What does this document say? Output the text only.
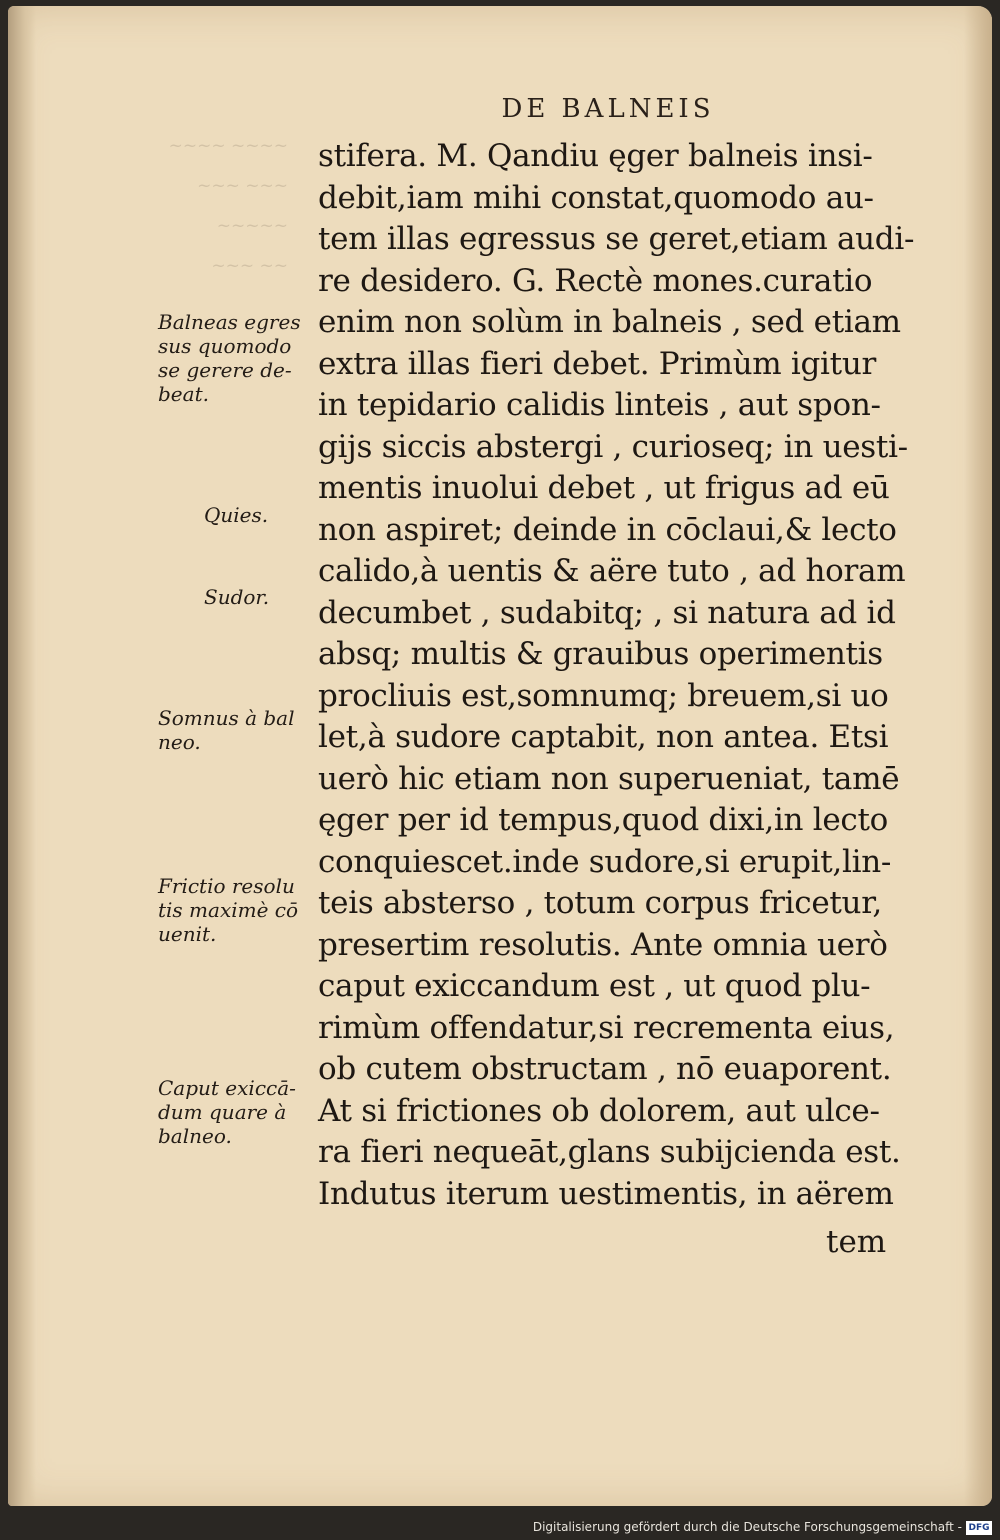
~~~~ ~~~~
~~~ ~~~
~~~~~
~~~ ~~
DE BALNEIS
stifera. M. Qandiu ęger balneis insi-
debit,iam mihi constat,quomodo au-
tem illas egressus se geret,etiam audi-
re desidero. G. Rectè mones.curatio
enim non solùm in balneis , sed etiam
extra illas fieri debet. Primùm igitur
in tepidario calidis linteis , aut spon-
gijs siccis abstergi , curioseq; in uesti-
mentis inuolui debet , ut frigus ad eū
non aspiret; deinde in cōclaui,& lecto
calido,à uentis & aëre tuto , ad horam
decumbet , sudabitq; , si natura ad id
absq; multis & grauibus operimentis
procliuis est,somnumq; breuem,si uo
let,à sudore captabit, non antea. Etsi
uerò hic etiam non superueniat, tamē
ęger per id tempus,quod dixi,in lecto
conquiescet.inde sudore,si erupit,lin-
teis absterso , totum corpus fricetur,
presertim resolutis. Ante omnia uerò
caput exiccandum est , ut quod plu-
rimùm offendatur,si recrementa eius,
ob cutem obstructam , nō euaporent.
At si frictiones ob dolorem, aut ulce-
ra fieri nequeāt,glans subijcienda est.
Indutus iterum uestimentis, in aërem
tem
Balneas egres
sus quomodo
se gerere de-
beat.
Quies.
Sudor.
Somnus à bal
neo.
Frictio resolu
tis maximè cō
uenit.
Caput exiccā-
dum quare à
balneo.
Digitalisierung gefördert durch die Deutsche Forschungsgemeinschaft - DFG
